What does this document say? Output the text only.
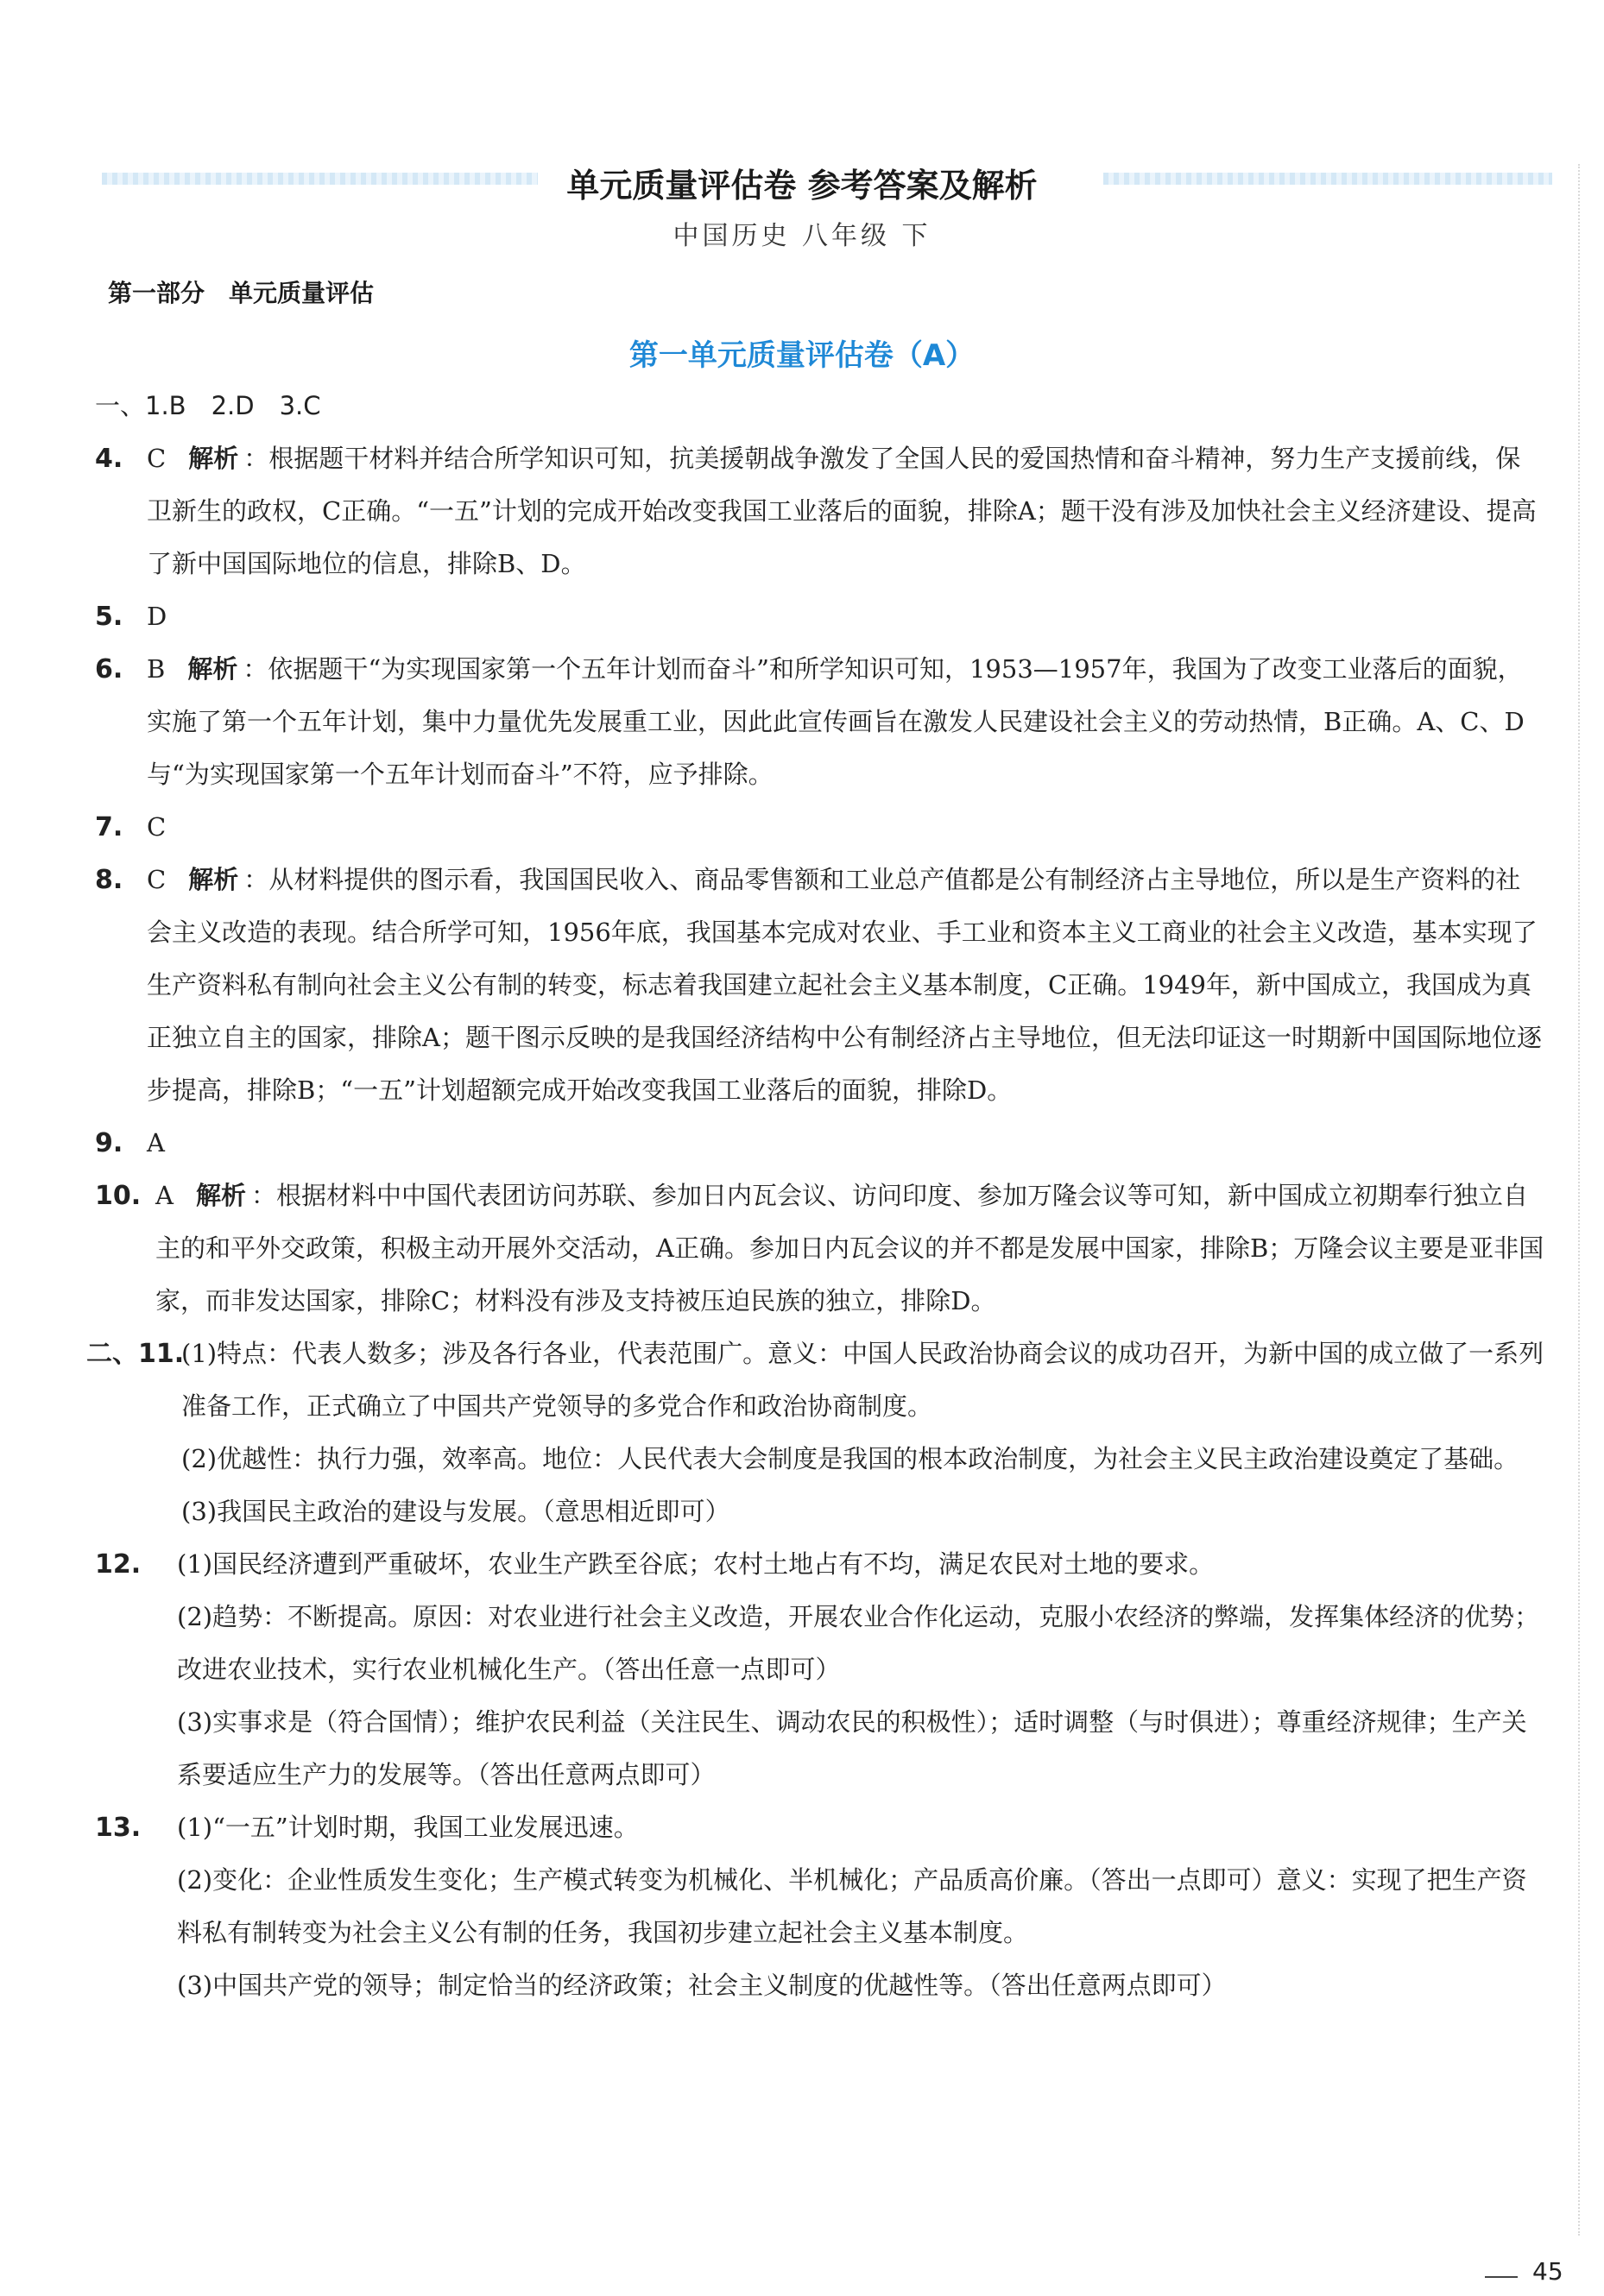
单元质量评估卷 参考答案及解析
中国历史 八年级 下
第一部分　单元质量评估
第一单元质量评估卷（A）
一、1.B　2.D　3.C
4. C 解析 ：根据题干材料并结合所学知识可知，抗美援朝战争激发了全国人民的爱国热情和奋斗精神，努力生产支援前线，保卫新生的政权，C正确。“一五”计划的完成开始改变我国工业落后的面貌，排除A；题干没有涉及加快社会主义经济建设、提高了新中国国际地位的信息，排除B、D。
5. D
6. B 解析 ：依据题干“为实现国家第一个五年计划而奋斗”和所学知识可知，1953—1957年，我国为了改变工业落后的面貌，实施了第一个五年计划，集中力量优先发展重工业，因此此宣传画旨在激发人民建设社会主义的劳动热情，B正确。A、C、D与“为实现国家第一个五年计划而奋斗”不符，应予排除。
7. C
8. C 解析 ：从材料提供的图示看，我国国民收入、商品零售额和工业总产值都是公有制经济占主导地位，所以是生产资料的社会主义改造的表现。结合所学可知，1956年底，我国基本完成对农业、手工业和资本主义工商业的社会主义改造，基本实现了生产资料私有制向社会主义公有制的转变，标志着我国建立起社会主义基本制度，C正确。1949年，新中国成立，我国成为真正独立自主的国家，排除A；题干图示反映的是我国经济结构中公有制经济占主导地位，但无法印证这一时期新中国国际地位逐步提高，排除B；“一五”计划超额完成开始改变我国工业落后的面貌，排除D。
9. A
10. A 解析 ：根据材料中中国代表团访问苏联、参加日内瓦会议、访问印度、参加万隆会议等可知，新中国成立初期奉行独立自主的和平外交政策，积极主动开展外交活动，A正确。参加日内瓦会议的并不都是发展中国家，排除B；万隆会议主要是亚非国家，而非发达国家，排除C；材料没有涉及支持被压迫民族的独立，排除D。
二、11.
(1)特点：代表人数多；涉及各行各业，代表范围广。意义：中国人民政治协商会议的成功召开，为新中国的成立做了一系列准备工作，正式确立了中国共产党领导的多党合作和政治协商制度。
(2)优越性：执行力强，效率高。地位：人民代表大会制度是我国的根本政治制度，为社会主义民主政治建设奠定了基础。
(3)我国民主政治的建设与发展。（意思相近即可）
12. (1)国民经济遭到严重破坏，农业生产跌至谷底；农村土地占有不均，满足农民对土地的要求。
(2)趋势：不断提高。原因：对农业进行社会主义改造，开展农业合作化运动，克服小农经济的弊端，发挥集体经济的优势；改进农业技术，实行农业机械化生产。（答出任意一点即可）
(3)实事求是（符合国情）；维护农民利益（关注民生、调动农民的积极性）；适时调整（与时俱进）；尊重经济规律；生产关系要适应生产力的发展等。（答出任意两点即可）
13. (1)“一五”计划时期，我国工业发展迅速。
(2)变化：企业性质发生变化；生产模式转变为机械化、半机械化；产品质高价廉。（答出一点即可）意义：实现了把生产资料私有制转变为社会主义公有制的任务，我国初步建立起社会主义基本制度。
(3)中国共产党的领导；制定恰当的经济政策；社会主义制度的优越性等。（答出任意两点即可）
45
